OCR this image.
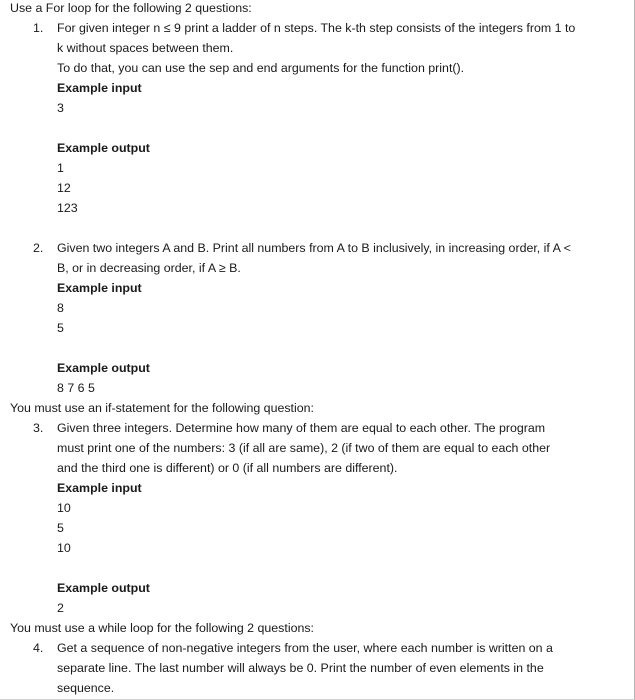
Use a For loop for the following 2 questions:
1. For given integer n ≤ 9 print a ladder of n steps. The k-th step consists of the integers from 1 to
k without spaces between them.
To do that, you can use the sep and end arguments for the function print().
Example input
3
Example output
1
12
123
2. Given two integers A and B. Print all numbers from A to B inclusively, in increasing order, if A <
B, or in decreasing order, if A ≥ B.
Example input
8
5
Example output
8 7 6 5
You must use an if-statement for the following question:
3. Given three integers. Determine how many of them are equal to each other. The program
must print one of the numbers: 3 (if all are same), 2 (if two of them are equal to each other
and the third one is different) or 0 (if all numbers are different).
Example input
10
5
10
Example output
2
You must use a while loop for the following 2 questions:
4. Get a sequence of non-negative integers from the user, where each number is written on a
separate line. The last number will always be 0. Print the number of even elements in the
sequence.
